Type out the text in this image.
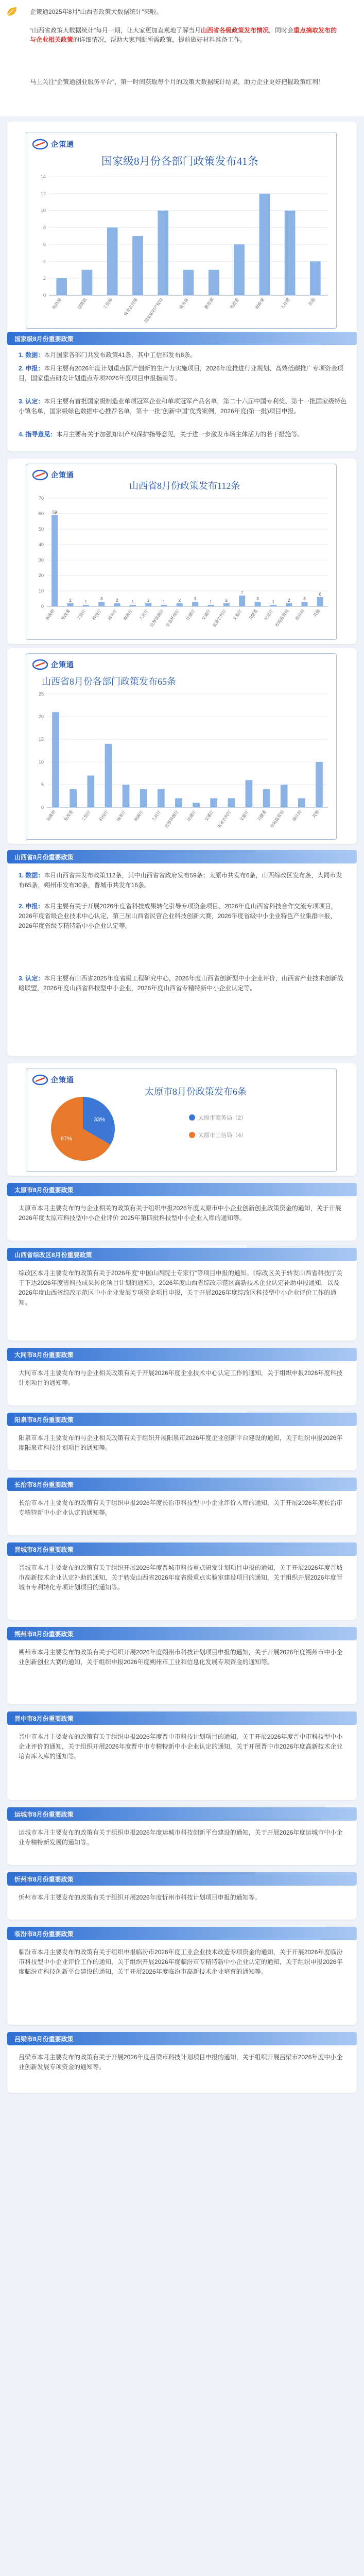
企策通2025年8月“山西省政策大数据统计”来啦。

“山西省政策大数据统计”每月一期，让大家更加直观地了解当月山西省各级政策发布情况，同时会重点摘取发布的与企业相关政策的详细情况，帮助大家判断所需政策，提前做好材料准备工作。

马上关注“企策通创业服务平台”，第一时间获取每个月的政策大数据统计结果，助力企业更好把握政策红利！

企策通
国家级8月份各部门政策发布41条
0
2
4
6
8
10
12
14
科技部	国务院	工信部 农业农村部 国家知识产权局	商务部	教育部	发改委	财政部	人社部	其他
国家级8月份重要政策

1. 数据：本月国家各部门共发布政策41条，其中工信部发布8条。

2. 申报：本月主要有2026年度计划重点国产创新的生产力实施项目，2026年度推进行业规划、高效低碳推广专项资金项目，国家重点研发计划重点专项2026年度项目申报指南等。

3. 认定：本月主要有首批国家级制造业单项冠军企业和单项冠军产品名单，第二十六届中国专利奖、第十一批国家级特色小镇名单，国家级绿色数据中心推荐名单，第十一批“创新中国”优秀案例，2026年度(第一批)项目申报。

4. 指导意见：本月主要有关于加强知识产权保护指导意见，关于进一步激发市场主体活力的若干措施等。

企策通
山西省8月份政策发布112条
0
10
20
30
40
50
60
70
59
省政府
2
发改委
1
工信厅
3
科技厅
2
商务厅
1
财政厅
2
人社厅
1
自然资源厅
2
生态环境厅
3
住建厅
1
交通厅
2
农业农村厅
7
文旅厅
3
卫健委
1
应急厅
2
市场监管局
3
统计局
6
其他
企策通
山西省8月份各部门政策发布65条
0
5
10
15
20
25
省政府 发改委 工信厅 科技厅 商务厅 财政厅 人社厅 自然资源厅 住建厅 交通厅 农业农村厅 文旅厅 卫健委 市场监管局 统计局 其他
山西省8月份重要政策

1. 数据：本月山西省共发布政策112条，其中山西省省政府发布59条；太原市共发布6条，山西综改区发布条，大同市发布65条，朔州市发布30条，晋城市共发布16条。

2. 申报：本月主要有关于开展2026年度省科技成果转化引导专项资金项目、2026年度山西省科技合作交流专项项目，2026年度省级企业技术中心认定，第三届山西省民营企业科技创新大赛，2026年度省级中小企业特色产业集群申报，2026年度省级专精特新中小企业认定等。

3. 认定：本月主要有山西省2025年度省级工程研究中心，2026年度山西省创新型中小企业评价，山西省产业技术创新战略联盟，2026年度山西省科技型中小企业，2026年度山西省专精特新中小企业认定等。

企策通
太原市8月份政策发布6条
33%
67%
太原市商务局（2）
太原市工信局（4）
太原市8月份重要政策

太原市本月主要发布的与企业相关的政策有关于组织申报2026年度太原市中小企业创新创业政策资金的通知，关于开展2026年度太原市科技型中小企业评价 2025年第四批科技型中小企业入库的通知等。

山西省综改区8月份重要政策

综改区本月主要发布的政策有关于2026年度“中国山西院士专家行”等项目申报的通知。《综改区关于转发山西省科技厅关于下达2026年度省科技成果转化项目计划的通知》，2026年度山西省综改示范区高新技术企业认定补助申报通知，以及2026年度山西省综改示范区中小企业发展专项资金项目申报，关于开展2026年度综改区科技型中小企业评价工作的通知。

大同市8月份重要政策

大同市本月主要发布的与企业相关政策有关于开展2026年度企业技术中心认定工作的通知，关于组织申报2026年度科技计划项目的通知等。

阳泉市8月份重要政策

阳泉市本月主要发布的与企业相关政策有关于组织开展阳泉市2026年度企业创新平台建设的通知，关于组织申报2026年度阳泉市科技计划项目的通知等。

长治市8月份重要政策

长治市本月主要发布的政策有关于组织申报2026年度长治市科技型中小企业评价入库的通知，关于开展2026年度长治市专精特新中小企业认定的通知等。

晋城市8月份重要政策

晋城市本月主要发布的政策有关于组织开展2026年度晋城市科技重点研发计划项目申报的通知，关于开展2026年度晋城市高新技术企业认定补助的通知，关于转发山西省2026年度省级重点实验室建设项目的通知，关于组织开展2026年度晋城市专利转化专项计划项目的通知等。

朔州市8月份重要政策

朔州市本月主要发布的政策有关于组织开展2026年度朔州市科技计划项目申报的通知，关于开展2026年度朔州市中小企业创新创业大赛的通知，关于组织申报2026年度朔州市工业和信息化发展专项资金的通知等。

晋中市8月份重要政策

晋中市本月主要发布的政策有关于组织申报2026年度晋中市科技计划项目的通知，关于开展2026年度晋中市科技型中小企业评价的通知，关于组织开展2026年度晋中市专精特新中小企业认定的通知，关于开展晋中市2026年度高新技术企业培育库入库的通知等。

运城市8月份重要政策

运城市本月主要发布的政策有关于组织申报2026年度运城市科技创新平台建设的通知，关于开展2026年度运城市中小企业专精特新发展的通知等。

忻州市8月份重要政策

忻州市本月主要发布的政策有关于组织开展2026年度忻州市科技计划项目申报的通知等。

临汾市8月份重要政策

临汾市本月主要发布的政策有关于组织申报临汾市2026年度工业企业技术改造专项资金的通知，关于开展2026年度临汾市科技型中小企业评价工作的通知，关于组织开展2026年度临汾市专精特新中小企业认定的通知，关于组织申报2026年度临汾市科技创新平台建设的通知，关于开展2026年度临汾市高新技术企业培育的通知等。

吕梁市8月份重要政策

吕梁市本月主要发布的政策有关于开展2026年度吕梁市科技计划项目申报的通知，关于组织开展吕梁市2026年度中小企业创新发展专项资金的通知等。
